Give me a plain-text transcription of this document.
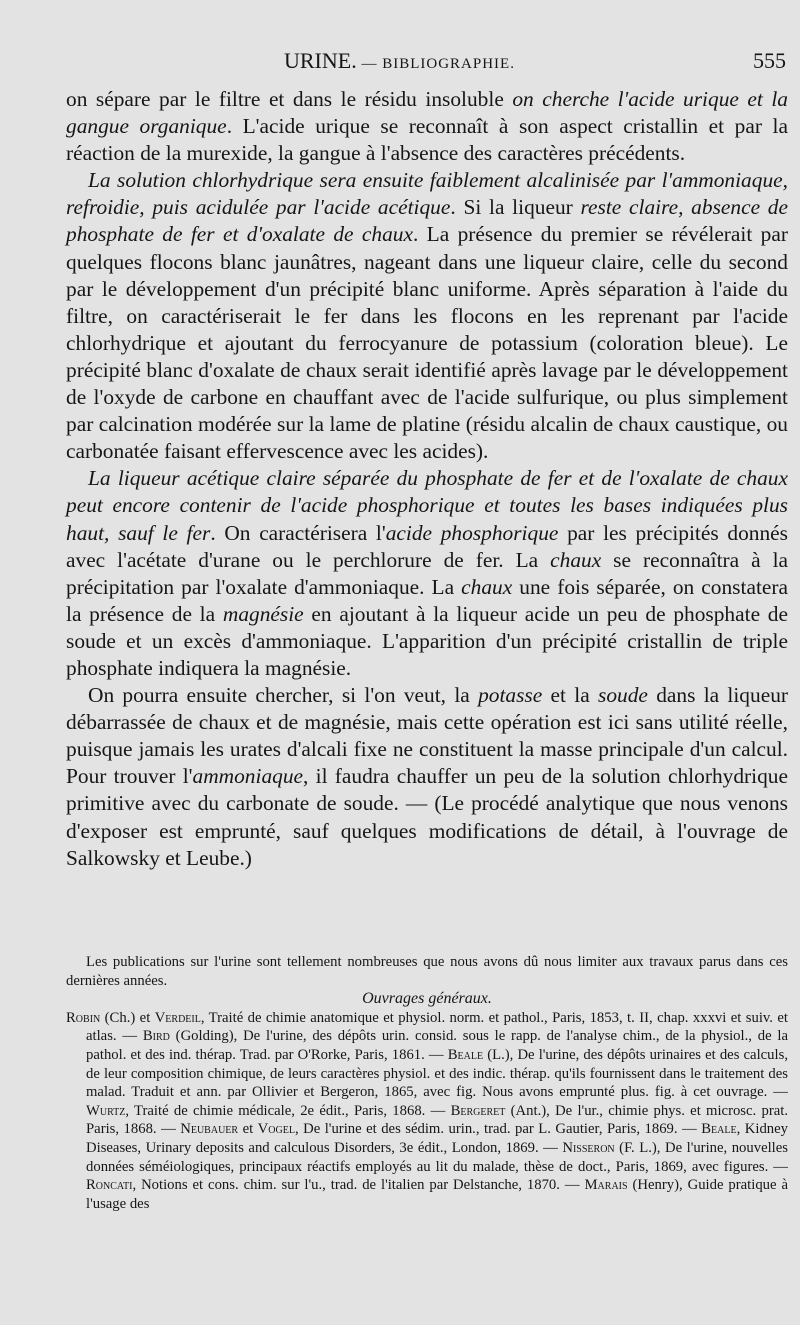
URINE. — BIBLIOGRAPHIE.	555

on sépare par le filtre et dans le résidu insoluble on cherche l'acide urique et la gangue organique. L'acide urique se reconnaît à son aspect cristallin et par la réaction de la murexide, la gangue à l'absence des caractères précédents.

La solution chlorhydrique sera ensuite faiblement alcalinisée par l'ammoniaque, refroidie, puis acidulée par l'acide acétique. Si la liqueur reste claire, absence de phosphate de fer et d'oxalate de chaux. La présence du premier se révélerait par quelques flocons blanc jaunâtres, nageant dans une liqueur claire, celle du second par le développement d'un précipité blanc uniforme. Après séparation à l'aide du filtre, on caractériserait le fer dans les flocons en les reprenant par l'acide chlorhydrique et ajoutant du ferrocyanure de potassium (coloration bleue). Le précipité blanc d'oxalate de chaux serait identifié après lavage par le développement de l'oxyde de carbone en chauffant avec de l'acide sulfurique, ou plus simplement par calcination modérée sur la lame de platine (résidu alcalin de chaux caustique, ou carbonatée faisant effervescence avec les acides).

La liqueur acétique claire séparée du phosphate de fer et de l'oxalate de chaux peut encore contenir de l'acide phosphorique et toutes les bases indiquées plus haut, sauf le fer. On caractérisera l'acide phosphorique par les précipités donnés avec l'acétate d'urane ou le perchlorure de fer. La chaux se reconnaîtra à la précipitation par l'oxalate d'ammoniaque. La chaux une fois séparée, on constatera la présence de la magnésie en ajoutant à la liqueur acide un peu de phosphate de soude et un excès d'ammoniaque. L'apparition d'un précipité cristallin de triple phosphate indiquera la magnésie.

On pourra ensuite chercher, si l'on veut, la potasse et la soude dans la liqueur débarrassée de chaux et de magnésie, mais cette opération est ici sans utilité réelle, puisque jamais les urates d'alcali fixe ne constituent la masse principale d'un calcul. Pour trouver l'ammoniaque, il faudra chauffer un peu de la solution chlorhydrique primitive avec du carbonate de soude. — (Le procédé analytique que nous venons d'exposer est emprunté, sauf quelques modifications de détail, à l'ouvrage de Salkowsky et Leube.)

Les publications sur l'urine sont tellement nombreuses que nous avons dû nous limiter aux travaux parus dans ces dernières années.

Ouvrages généraux.

Robin (Ch.) et Verdeil, Traité de chimie anatomique et physiol. norm. et pathol., Paris, 1853, t. II, chap. xxxvi et suiv. et atlas. — Bird (Golding), De l'urine, des dépôts urin. consid. sous le rapp. de l'analyse chim., de la physiol., de la pathol. et des ind. thérap. Trad. par O'Rorke, Paris, 1861. — Beale (L.), De l'urine, des dépôts urinaires et des calculs, de leur composition chimique, de leurs caractères physiol. et des indic. thérap. qu'ils fournissent dans le traitement des malad. Traduit et ann. par Ollivier et Bergeron, 1865, avec fig. Nous avons emprunté plus. fig. à cet ouvrage. — Wurtz, Traité de chimie médicale, 2e édit., Paris, 1868. — Bergeret (Ant.), De l'ur., chimie phys. et microsc. prat. Paris, 1868. — Neubauer et Vogel, De l'urine et des sédim. urin., trad. par L. Gautier, Paris, 1869. — Beale, Kidney Diseases, Urinary deposits and calculous Disorders, 3e édit., London, 1869. — Nisseron (F. L.), De l'urine, nouvelles données séméiologiques, principaux réactifs employés au lit du malade, thèse de doct., Paris, 1869, avec figures. — Roncati, Notions et cons. chim. sur l'u., trad. de l'italien par Delstanche, 1870. — Marais (Henry), Guide pratique à l'usage des
